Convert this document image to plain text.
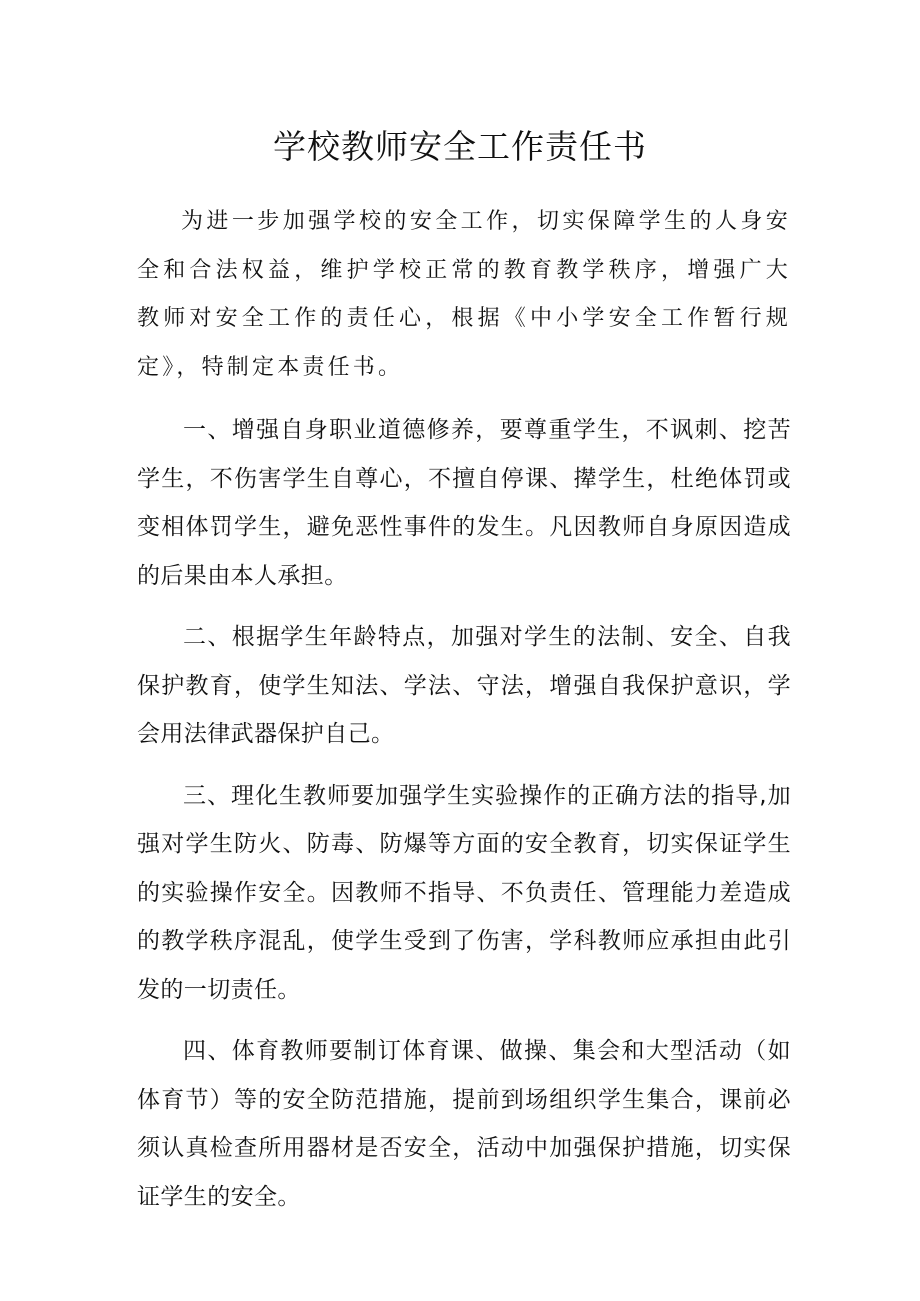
学校教师安全工作责任书

为进一步加强学校的安全工作，切实保障学生的人身安全和合法权益，维护学校正常的教育教学秩序，增强广大教师对安全工作的责任心，根据《中小学安全工作暂行规定》，特制定本责任书。

一、增强自身职业道德修养，要尊重学生，不讽刺、挖苦学生，不伤害学生自尊心，不擅自停课、撵学生，杜绝体罚或变相体罚学生，避免恶性事件的发生。凡因教师自身原因造成的后果由本人承担。

二、根据学生年龄特点，加强对学生的法制、安全、自我保护教育，使学生知法、学法、守法，增强自我保护意识，学会用法律武器保护自己。

三、理化生教师要加强学生实验操作的正确方法的指导,加强对学生防火、防毒、防爆等方面的安全教育，切实保证学生的实验操作安全。因教师不指导、不负责任、管理能力差造成的教学秩序混乱，使学生受到了伤害，学科教师应承担由此引发的一切责任。

四、体育教师要制订体育课、做操、集会和大型活动（如体育节）等的安全防范措施，提前到场组织学生集合，课前必须认真检查所用器材是否安全，活动中加强保护措施，切实保证学生的安全。
